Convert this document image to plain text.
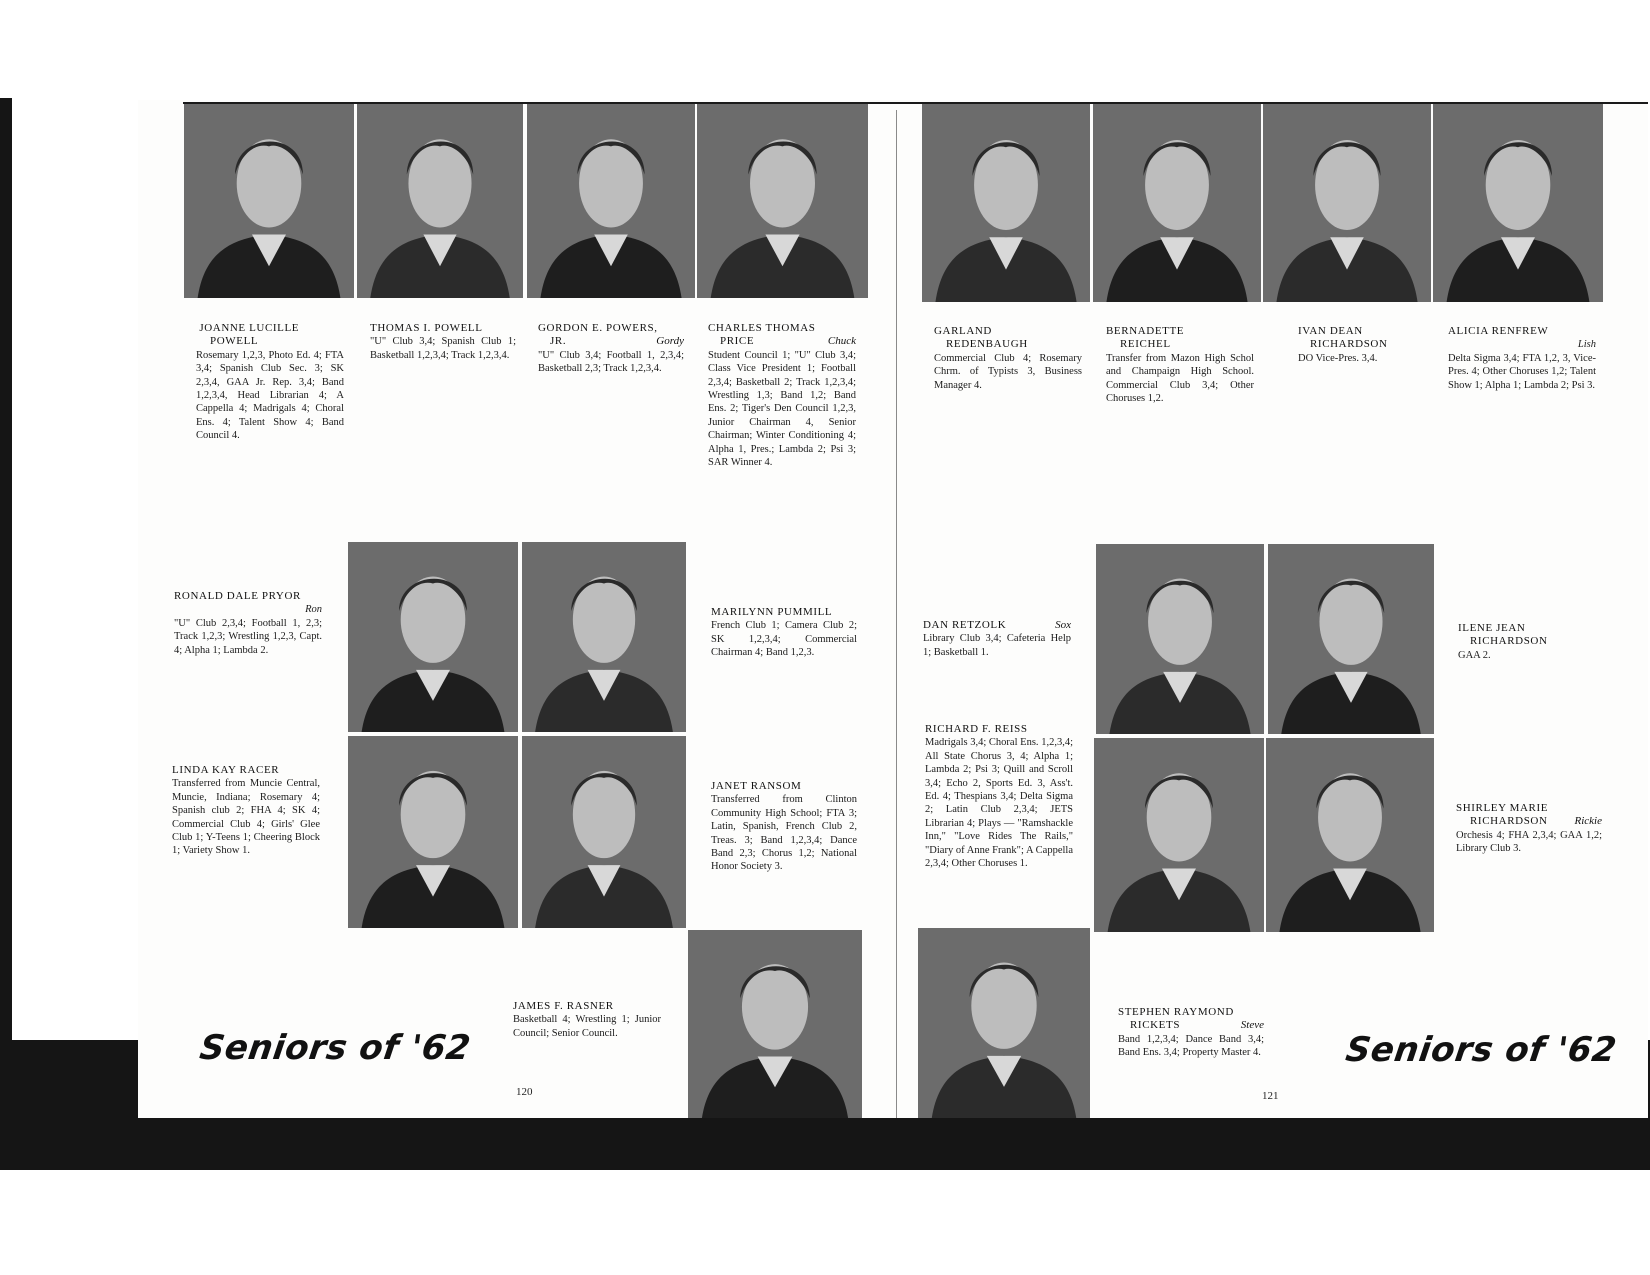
JOANNE LUCILLE
POWELL
Rosemary 1,2,3, Photo Ed. 4; FTA 3,4; Spanish Club Sec. 3; SK 2,3,4, GAA Jr. Rep. 3,4; Band 1,2,3,4, Head Librarian 4; A Cappella 4; Madrigals 4; Choral Ens. 4; Talent Show 4; Band Council 4.
THOMAS I. POWELL
"U" Club 3,4; Spanish Club 1; Basketball 1,2,3,4; Track 1,2,3,4.
GORDON E. POWERS,
JR.	Gordy
"U" Club 3,4; Football 1, 2,3,4; Basketball 2,3; Track 1,2,3,4.
CHARLES THOMAS
PRICE	Chuck
Student Council 1; "U" Club 3,4; Class Vice President 1; Football 2,3,4; Basketball 2; Track 1,2,3,4; Wrestling 1,3; Band 1,2; Band Ens. 2; Tiger's Den Council 1,2,3, Junior Chairman 4, Senior Chairman; Winter Conditioning 4; Alpha 1, Pres.; Lambda 2; Psi 3; SAR Winner 4.
RONALD DALE PRYOR
Ron
"U" Club 2,3,4; Football 1, 2,3; Track 1,2,3; Wrestling 1,2,3, Capt. 4; Alpha 1; Lambda 2.
MARILYNN PUMMILL
French Club 1; Camera Club 2; SK 1,2,3,4; Commercial Chairman 4; Band 1,2,3.
LINDA KAY RACER
Transferred from Muncie Central, Muncie, Indiana; Rosemary 4; Spanish club 2; FHA 4; SK 4; Commercial Club 4; Girls' Glee Club 1; Y-Teens 1; Cheering Block 1; Variety Show 1.
JANET RANSOM
Transferred from Clinton Community High School; FTA 3; Latin, Spanish, French Club 2, Treas. 3; Band 1,2,3,4; Dance Band 2,3; Chorus 1,2; National Honor Society 3.
JAMES F. RASNER
Basketball 4; Wrestling 1; Junior Council; Senior Council.
Seniors of '62
120
GARLAND
REDENBAUGH
Commercial Club 4; Rosemary Chrm. of Typists 3, Business Manager 4.
BERNADETTE
REICHEL
Transfer from Mazon High Schol and Champaign High School. Commercial Club 3,4; Other Choruses 1,2.
IVAN DEAN
RICHARDSON
DO Vice-Pres. 3,4.
ALICIA RENFREW
Lish
Delta Sigma 3,4; FTA 1,2, 3, Vice-Pres. 4; Other Choruses 1,2; Talent Show 1; Alpha 1; Lambda 2; Psi 3.
DAN RETZOLK	Sox
Library Club 3,4; Cafeteria Help 1; Basketball 1.
ILENE JEAN
RICHARDSON
GAA 2.
RICHARD F. REISS
Madrigals 3,4; Choral Ens. 1,2,3,4; All State Chorus 3, 4; Alpha 1; Lambda 2; Psi 3; Quill and Scroll 3,4; Echo 2, Sports Ed. 3, Ass't. Ed. 4; Thespians 3,4; Delta Sigma 2; Latin Club 2,3,4; JETS Librarian 4; Plays — "Ramshackle Inn," "Love Rides The Rails," "Diary of Anne Frank"; A Cappella 2,3,4; Other Choruses 1.
SHIRLEY MARIE
RICHARDSON Rickie
Orchesis 4; FHA 2,3,4; GAA 1,2; Library Club 3.
STEPHEN RAYMOND
RICKETS	Steve
Band 1,2,3,4; Dance Band 3,4; Band Ens. 3,4; Property Master 4. Seniors of '62
121
